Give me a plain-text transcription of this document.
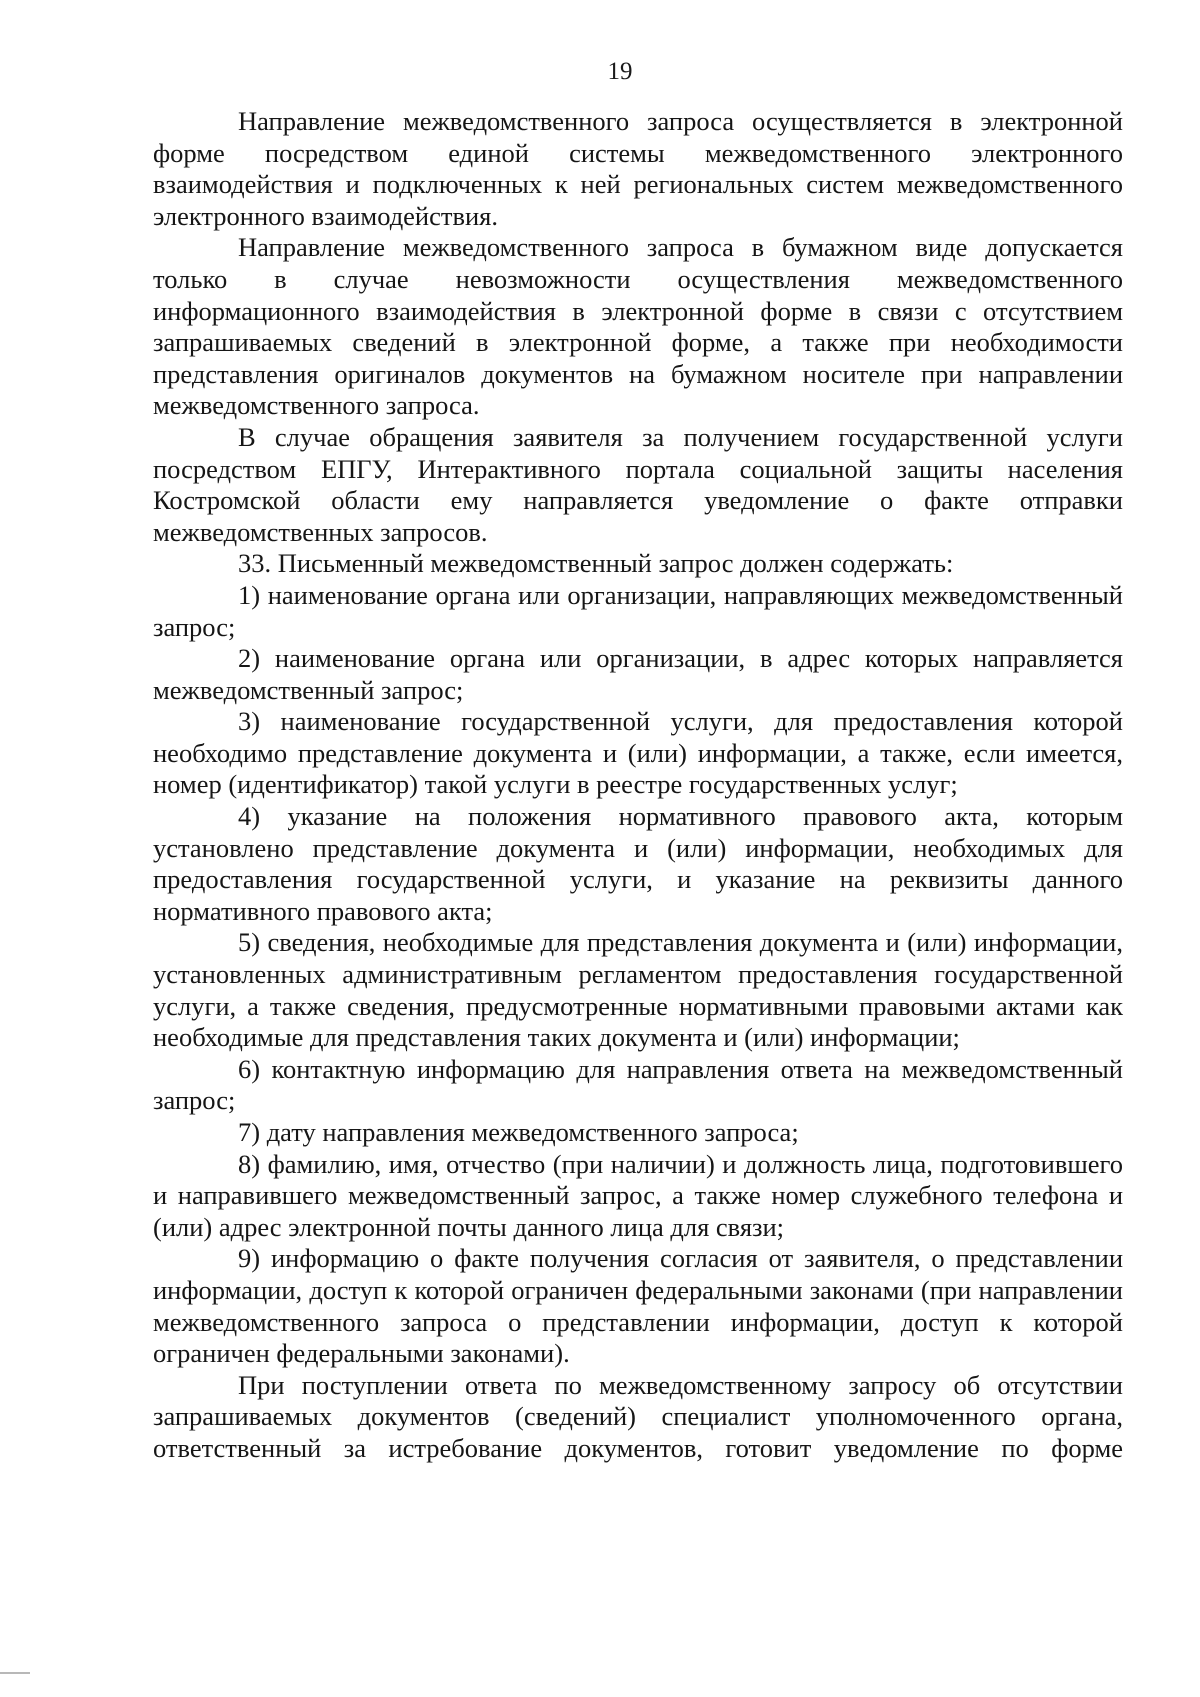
19

Направление межведомственного запроса осуществляется в электронной форме посредством единой системы межведомственного электронного взаимодействия и подключенных к ней региональных систем межведомственного электронного взаимодействия.

Направление межведомственного запроса в бумажном виде допускается только в случае невозможности осуществления межведомственного информационного взаимодействия в электронной форме в связи с отсутствием запрашиваемых сведений в электронной форме, а также при необходимости представления оригиналов документов на бумажном носителе при направлении межведомственного запроса.

В случае обращения заявителя за получением государственной услуги посредством ЕПГУ, Интерактивного портала социальной защиты населения Костромской области ему направляется уведомление о факте отправки межведомственных запросов.

33. Письменный межведомственный запрос должен содержать:

1) наименование органа или организации, направляющих межведомственный запрос;

2) наименование органа или организации, в адрес которых направляется межведомственный запрос;

3) наименование государственной услуги, для предоставления которой необходимо представление документа и (или) информации, а также, если имеется, номер (идентификатор) такой услуги в реестре государственных услуг;

4) указание на положения нормативного правового акта, которым установлено представление документа и (или) информации, необходимых для предоставления государственной услуги, и указание на реквизиты данного нормативного правового акта;

5) сведения, необходимые для представления документа и (или) информации, установленных административным регламентом предоставления государственной услуги, а также сведения, предусмотренные нормативными правовыми актами как необходимые для представления таких документа и (или) информации;

6) контактную информацию для направления ответа на межведомственный запрос;

7) дату направления межведомственного запроса;

8) фамилию, имя, отчество (при наличии) и должность лица, подготовившего и направившего межведомственный запрос, а также номер служебного телефона и (или) адрес электронной почты данного лица для связи;

9) информацию о факте получения согласия от заявителя, о представлении информации, доступ к которой ограничен федеральными законами (при направлении межведомственного запроса о представлении информации, доступ к которой ограничен федеральными законами).

При поступлении ответа по межведомственному запросу об отсутствии запрашиваемых документов (сведений) специалист уполномоченного органа, ответственный за истребование документов, готовит уведомление по форме
